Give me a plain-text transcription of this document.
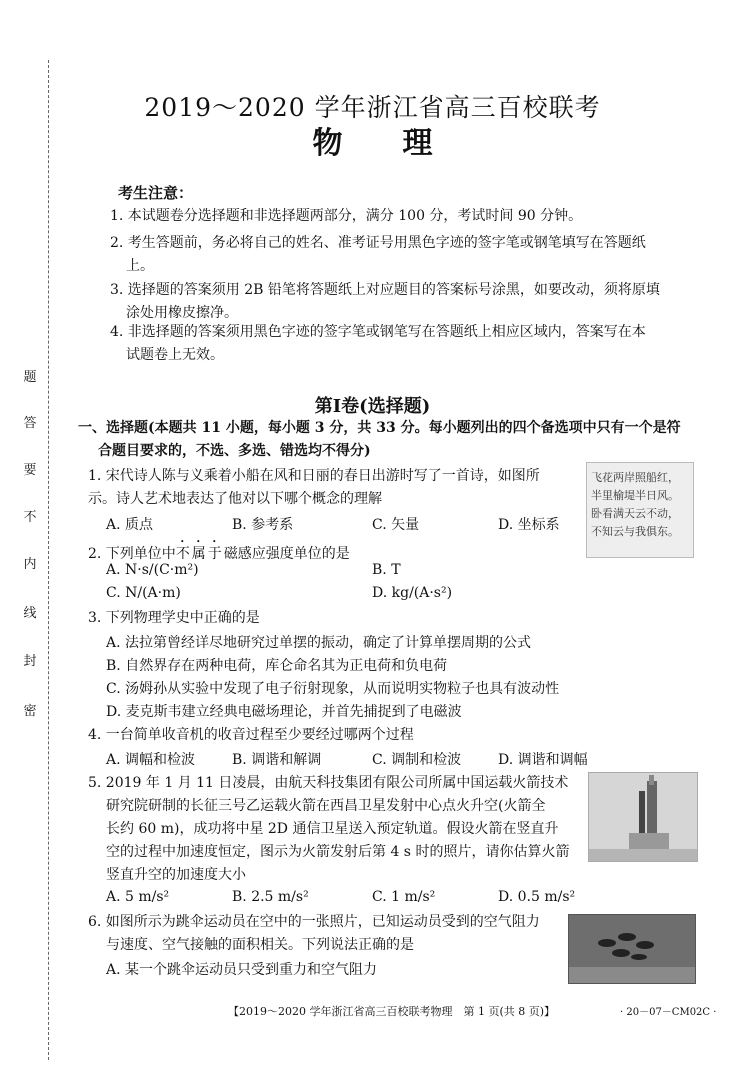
密
封
线
内
不
要
答
题
2019～2020 学年浙江省高三百校联考
物理
考生注意：
1. 本试题卷分选择题和非选择题两部分，满分 100 分，考试时间 90 分钟。
2. 考生答题前，务必将自己的姓名、准考证号用黑色字迹的签字笔或钢笔填写在答题纸
上。
3. 选择题的答案须用 2B 铅笔将答题纸上对应题目的答案标号涂黑，如要改动，须将原填
涂处用橡皮擦净。
4. 非选择题的答案须用黑色字迹的签字笔或钢笔写在答题纸上相应区域内，答案写在本
试题卷上无效。
第Ⅰ卷(选择题)
一、选择题(本题共 11 小题，每小题 3 分，共 33 分。每小题列出的四个备选项中只有一个是符
合题目要求的，不选、多选、错选均不得分)
1. 宋代诗人陈与义乘着小船在风和日丽的春日出游时写了一首诗，如图所
示。诗人艺术地表达了他对以下哪个概念的理解
A. 质点	B. 参考系	C. 矢量	D. 坐标系
飞花两岸照船红，
半里榆堤半日风。
卧看满天云不动，
不知云与我俱东。
2. 下列单位中不属于磁感应强度单位的是
A. N·s/(C·m²)	B. T
C. N/(A·m)	D. kg/(A·s²)
3. 下列物理学史中正确的是
A. 法拉第曾经详尽地研究过单摆的振动，确定了计算单摆周期的公式
B. 自然界存在两种电荷，库仑命名其为正电荷和负电荷
C. 汤姆孙从实验中发现了电子衍射现象，从而说明实物粒子也具有波动性
D. 麦克斯韦建立经典电磁场理论，并首先捕捉到了电磁波
4. 一台简单收音机的收音过程至少要经过哪两个过程
A. 调幅和检波	B. 调谐和解调	C. 调制和检波	D. 调谐和调幅
5. 2019 年 1 月 11 日凌晨，由航天科技集团有限公司所属中国运载火箭技术
研究院研制的长征三号乙运载火箭在西昌卫星发射中心点火升空(火箭全
长约 60 m)，成功将中星 2D 通信卫星送入预定轨道。假设火箭在竖直升
空的过程中加速度恒定，图示为火箭发射后第 4 s 时的照片，请你估算火箭
竖直升空的加速度大小
A. 5 m/s²	B. 2.5 m/s²	C. 1 m/s²	D. 0.5 m/s²
6. 如图所示为跳伞运动员在空中的一张照片，已知运动员受到的空气阻力
与速度、空气接触的面积相关。下列说法正确的是
A. 某一个跳伞运动员只受到重力和空气阻力
【2019～2020 学年浙江省高三百校联考物理　第 1 页(共 8 页)】	· 20－07－CM02C ·
